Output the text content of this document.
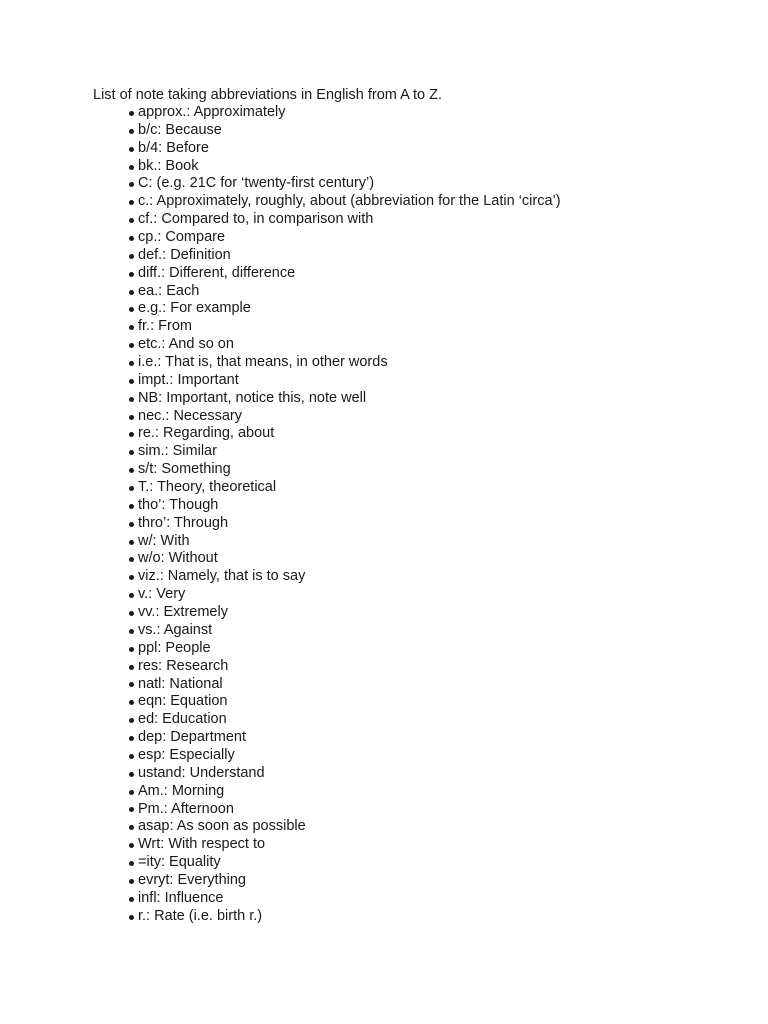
List of note taking abbreviations in English from A to Z.
approx.: Approximately
b/c: Because
b/4: Before
bk.: Book
C: (e.g. 21C for ‘twenty-first century’)
c.: Approximately, roughly, about (abbreviation for the Latin ‘circa’)
cf.: Compared to, in comparison with
cp.: Compare
def.: Definition
diff.: Different, difference
ea.: Each
e.g.: For example
fr.: From
etc.: And so on
i.e.: That is, that means, in other words
impt.: Important
NB: Important, notice this, note well
nec.: Necessary
re.: Regarding, about
sim.: Similar
s/t: Something
T.: Theory, theoretical
tho’: Though
thro’: Through
w/: With
w/o: Without
viz.: Namely, that is to say
v.: Very
vv.: Extremely
vs.: Against
ppl: People
res: Research
natl: National
eqn: Equation
ed: Education
dep: Department
esp: Especially
ustand: Understand
Am.: Morning
Pm.: Afternoon
asap: As soon as possible
Wrt: With respect to
=ity: Equality
evryt: Everything
infl: Influence
r.: Rate (i.e. birth r.)
